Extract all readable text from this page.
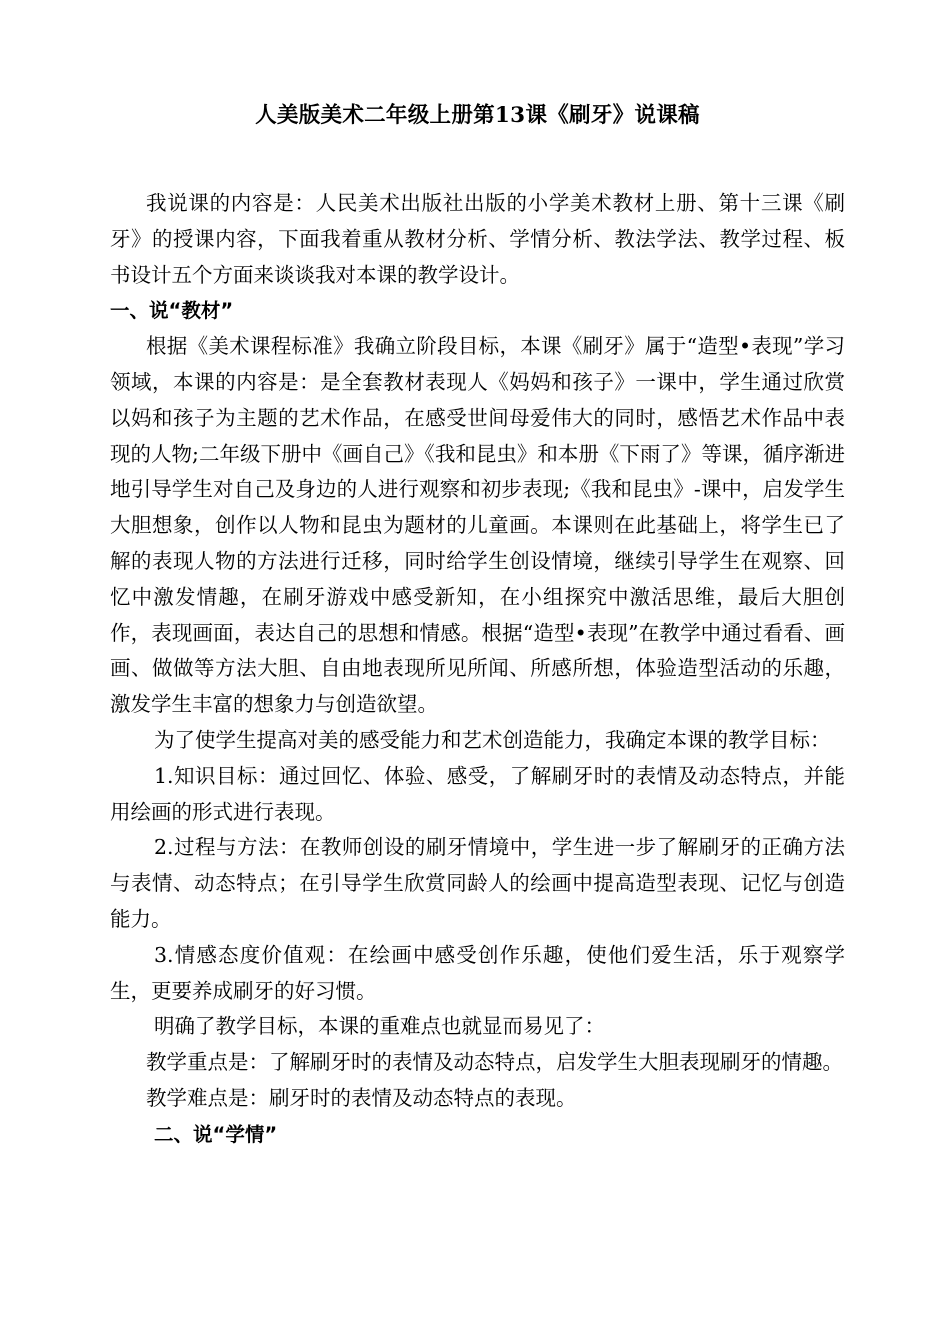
人美版美术二年级上册第13课《刷牙》说课稿

我说课的内容是：人民美术出版社出版的小学美术教材上册、第十三课《刷牙》的授课内容，下面我着重从教材分析、学情分析、教法学法、教学过程、板书设计五个方面来谈谈我对本课的教学设计。

一、说“教材”

根据《美术课程标准》我确立阶段目标，本课《刷牙》属于“造型•表现”学习领域，本课的内容是：是全套教材表现人《妈妈和孩子》一课中，学生通过欣赏以妈和孩子为主题的艺术作品，在感受世间母爱伟大的同时，感悟艺术作品中表现的人物;二年级下册中《画自己》《我和昆虫》和本册《下雨了》等课，循序渐进地引导学生对自己及身边的人进行观察和初步表现;《我和昆虫》-课中，启发学生大胆想象，创作以人物和昆虫为题材的儿童画。本课则在此基础上，将学生已了解的表现人物的方法进行迁移，同时给学生创设情境，继续引导学生在观察、回忆中激发情趣，在刷牙游戏中感受新知，在小组探究中激活思维，最后大胆创作，表现画面，表达自己的思想和情感。根据“造型•表现”在教学中通过看看、画画、做做等方法大胆、自由地表现所见所闻、所感所想，体验造型活动的乐趣，激发学生丰富的想象力与创造欲望。

为了使学生提高对美的感受能力和艺术创造能力，我确定本课的教学目标：

1.知识目标：通过回忆、体验、感受，了解刷牙时的表情及动态特点，并能用绘画的形式进行表现。

2.过程与方法：在教师创设的刷牙情境中，学生进一步了解刷牙的正确方法与表情、动态特点；在引导学生欣赏同龄人的绘画中提高造型表现、记忆与创造能力。

3.情感态度价值观：在绘画中感受创作乐趣，使他们爱生活，乐于观察学生，更要养成刷牙的好习惯。

明确了教学目标，本课的重难点也就显而易见了：

教学重点是：了解刷牙时的表情及动态特点，启发学生大胆表现刷牙的情趣。

教学难点是：刷牙时的表情及动态特点的表现。

二、说“学情”
